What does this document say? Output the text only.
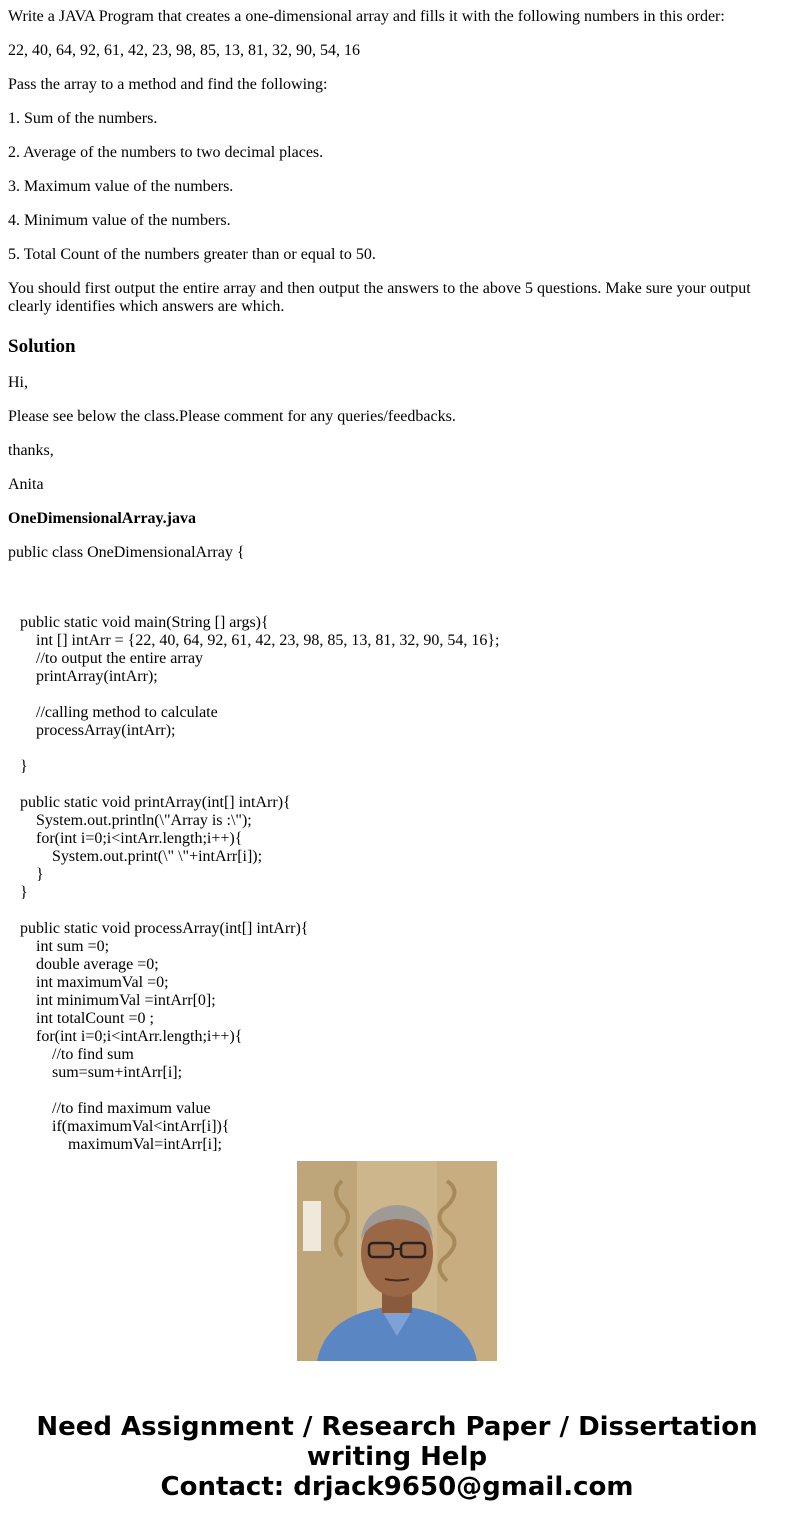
Write a JAVA Program that creates a one-dimensional array and fills it with the following numbers in this order:

22, 40, 64, 92, 61, 42, 23, 98, 85, 13, 81, 32, 90, 54, 16

Pass the array to a method and find the following:

1. Sum of the numbers.

2. Average of the numbers to two decimal places.

3. Maximum value of the numbers.

4. Minimum value of the numbers.

5. Total Count of the numbers greater than or equal to 50.

You should first output the entire array and then output the answers to the above 5 questions. Make sure your output clearly identifies which answers are which.

Solution

Hi,

Please see below the class.Please comment for any queries/feedbacks.

thanks,

Anita

OneDimensionalArray.java

public class OneDimensionalArray {

public static void main(String [] args){
int [] intArr = {22, 40, 64, 92, 61, 42, 23, 98, 85, 13, 81, 32, 90, 54, 16};
//to output the entire array
printArray(intArr);
//calling method to calculate
processArray(intArr);
}
public static void printArray(int[] intArr){
System.out.println(\"Array is :\");
for(int i=0;i<intArr.length;i++){
System.out.print(\" \"+intArr[i]);
}
}
public static void processArray(int[] intArr){
int sum =0;
double average =0;
int maximumVal =0;
int minimumVal =intArr[0];
int totalCount =0 ;
for(int i=0;i<intArr.length;i++){
//to find sum
sum=sum+intArr[i];
//to find maximum value
if(maximumVal<intArr[i]){
maximumVal=intArr[i];
Need Assignment / Research Paper / Dissertation
writing Help
Contact: drjack9650@gmail.com
